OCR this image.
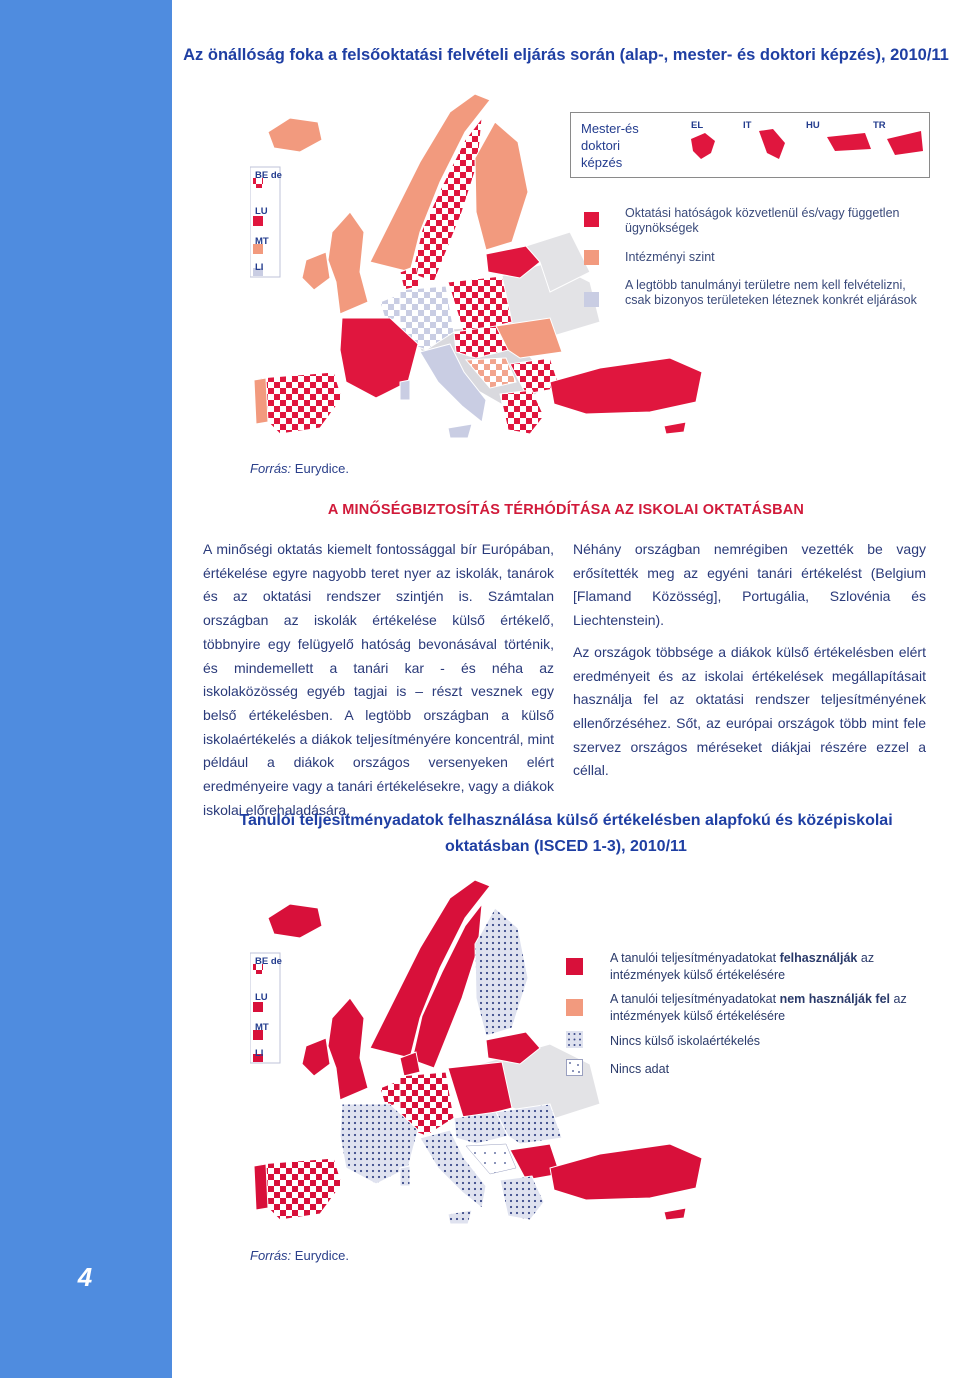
4
Az önállóság foka a felsőoktatási felvételi eljárás során (alap-, mester- és doktori képzés), 2010/11
BE de
LU
MT
LI
Mester-és doktori képzés
EL	IT	HU	TR
Oktatási hatóságok közvetlenül és/vagy független ügynökségek
Intézményi szint
A legtöbb tanulmányi területre nem kell felvételizni, csak bizonyos területeken léteznek konkrét eljárások
Forrás: Eurydice.
A MINŐSÉGBIZTOSÍTÁS TÉRHÓDÍTÁSA AZ ISKOLAI OKTATÁSBAN

A minőségi oktatás kiemelt fontossággal bír Európában, értékelése egyre nagyobb teret nyer az iskolák, tanárok és az oktatási rendszer szintjén is. Számtalan országban az iskolák értékelése külső értékelő, többnyire egy felügyelő hatóság bevonásával történik, és mindemellett a tanári kar - és néha az iskolaközösség egyéb tagjai is – részt vesznek egy belső értékelésben. A legtöbb országban a külső iskolaértékelés a diákok teljesítményére koncentrál, mint például a diákok országos versenyeken elért eredményeire vagy a tanári értékelésekre, vagy a diákok iskolai előrehaladására.

Néhány országban nemrégiben vezették be vagy erősítették meg az egyéni tanári értékelést (Belgium [Flamand Közösség], Portugália, Szlovénia és Liechtenstein).

Az országok többsége a diákok külső értékelésben elért eredményeit és az iskolai értékelések megállapításait használja fel az oktatási rendszer teljesítményének ellenőrzéséhez. Sőt, az európai országok több mint fele szervez országos méréseket diákjai részére ezzel a céllal.

Tanulói teljesítményadatok felhasználása külső értékelésben alapfokú és középiskolai oktatásban (ISCED 1-3), 2010/11
BE de
LU
MT
LI
A tanulói teljesítményadatokat felhasználják az intézmények külső értékelésére
A tanulói teljesítményadatokat nem használják fel az intézmények külső értékelésére
Nincs külső iskolaértékelés
Nincs adat
Forrás: Eurydice.
